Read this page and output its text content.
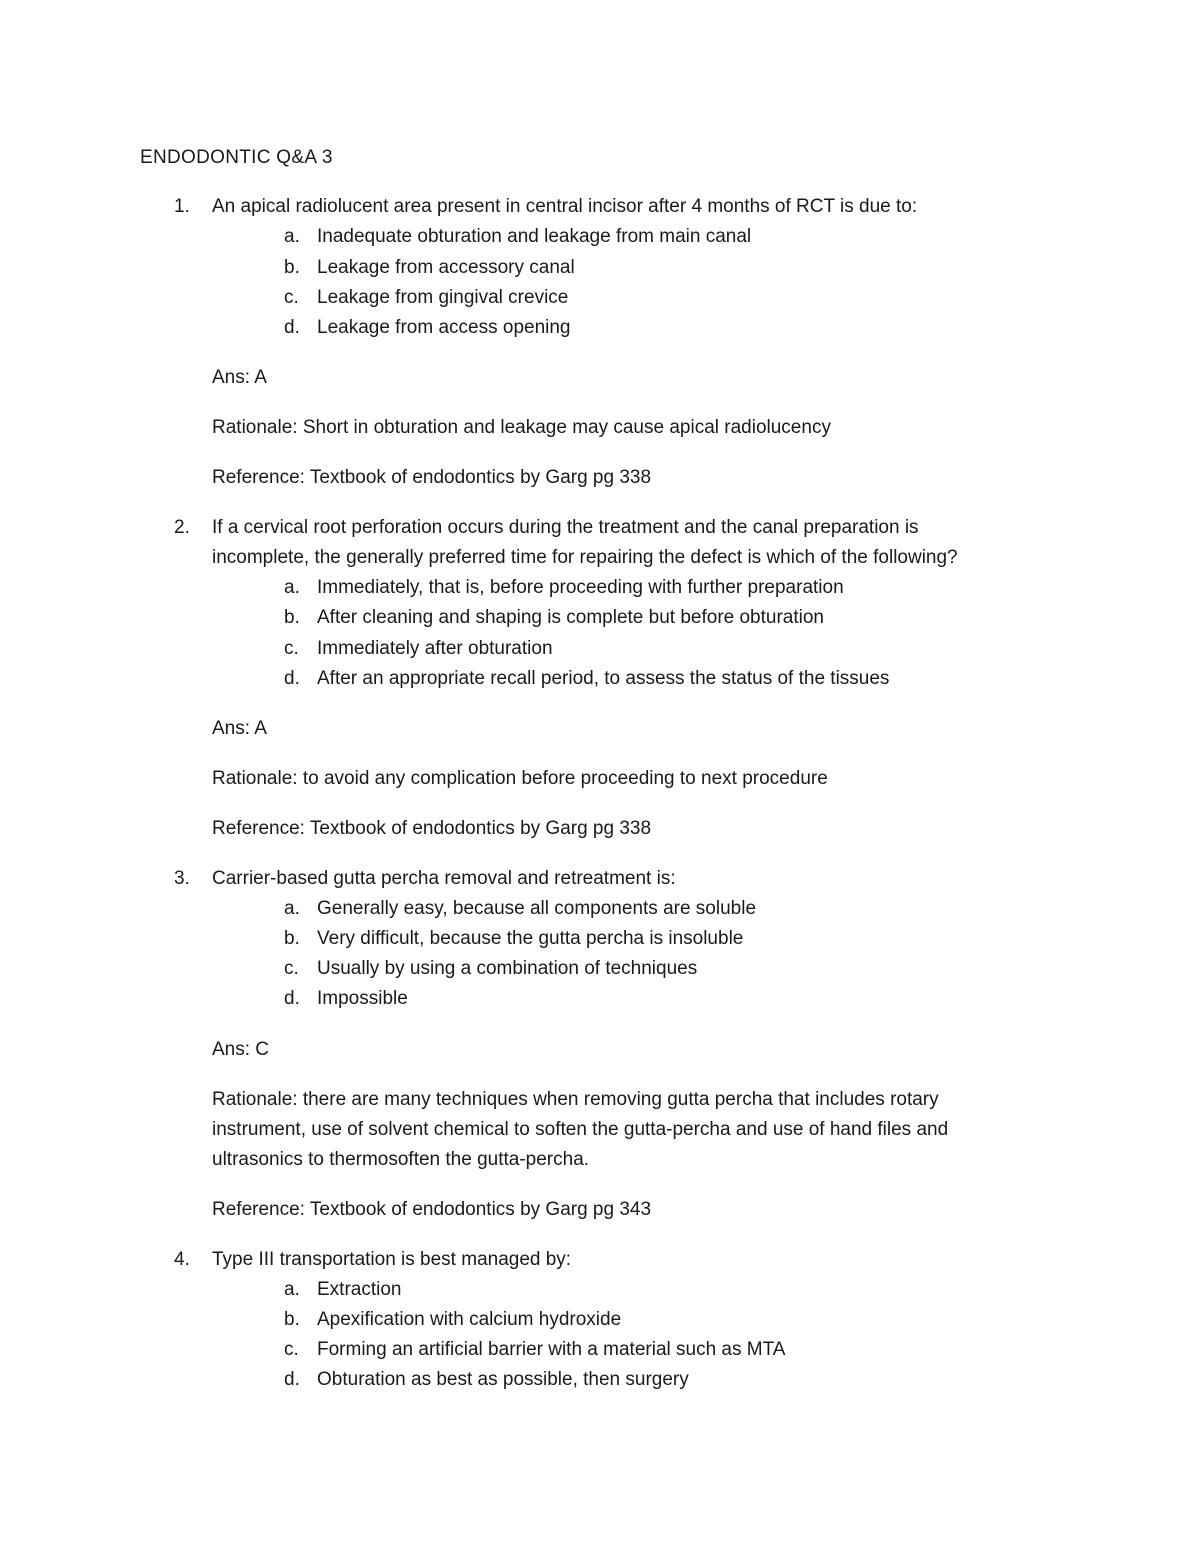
ENDODONTIC Q&A 3
1. An apical radiolucent area present in central incisor after 4 months of RCT is due to:
a. Inadequate obturation and leakage from main canal
b. Leakage from accessory canal
c. Leakage from gingival crevice
d. Leakage from access opening
Ans: A
Rationale: Short in obturation and leakage may cause apical radiolucency
Reference: Textbook of endodontics by Garg pg 338
2. If a cervical root perforation occurs during the treatment and the canal preparation is
incomplete, the generally preferred time for repairing the defect is which of the following?
a. Immediately, that is, before proceeding with further preparation
b. After cleaning and shaping is complete but before obturation
c. Immediately after obturation
d. After an appropriate recall period, to assess the status of the tissues
Ans: A
Rationale: to avoid any complication before proceeding to next procedure
Reference: Textbook of endodontics by Garg pg 338
3. Carrier-based gutta percha removal and retreatment is:
a. Generally easy, because all components are soluble
b. Very difficult, because the gutta percha is insoluble
c. Usually by using a combination of techniques
d. Impossible
Ans: C
Rationale: there are many techniques when removing gutta percha that includes rotary
instrument, use of solvent chemical to soften the gutta-percha and use of hand files and
ultrasonics to thermosoften the gutta-percha.
Reference: Textbook of endodontics by Garg pg 343
4. Type III transportation is best managed by:
a. Extraction
b. Apexification with calcium hydroxide
c. Forming an artificial barrier with a material such as MTA
d. Obturation as best as possible, then surgery
